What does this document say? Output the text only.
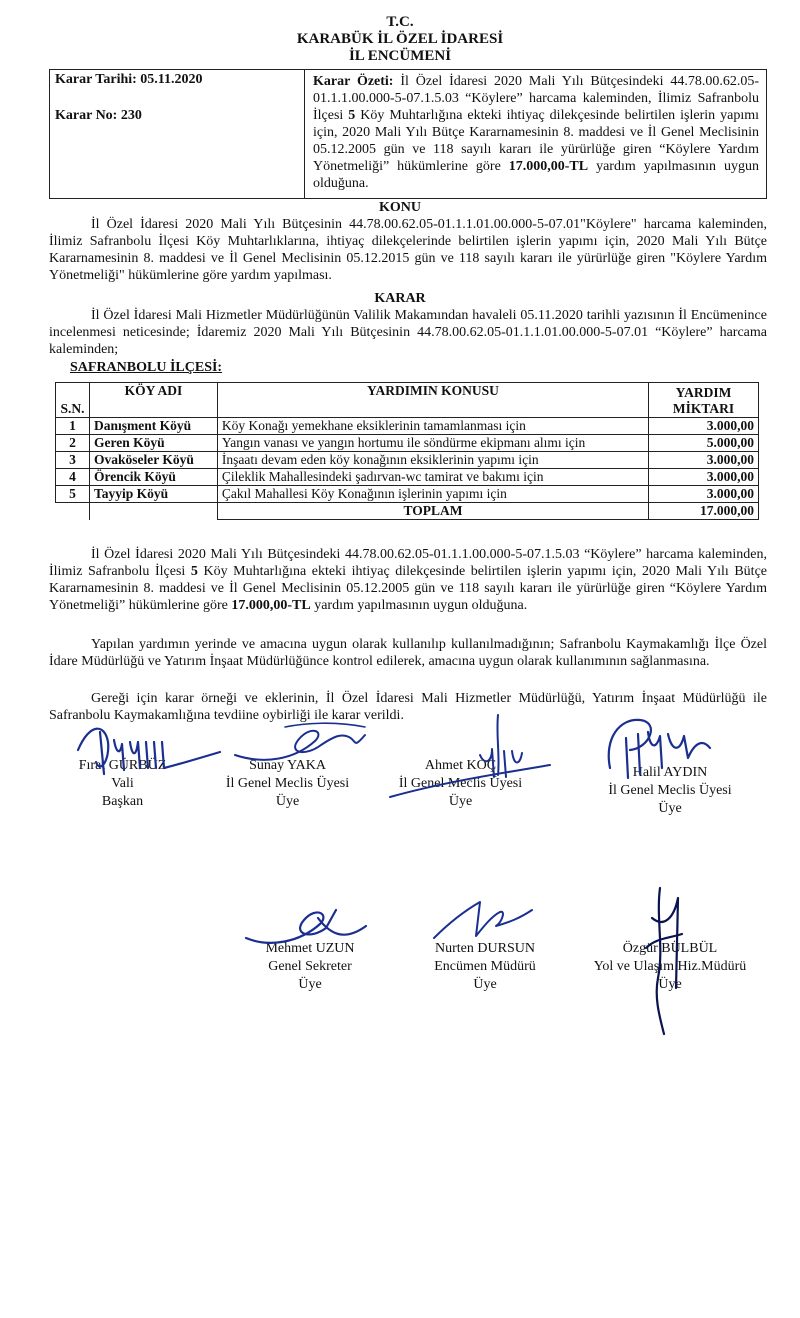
T.C.
KARABÜK İL ÖZEL İDARESİ
İL ENCÜMENİ
Karar Tarihi: 05.11.2020
Karar No: 230
Karar Özeti: İl Özel İdaresi 2020 Mali Yılı Bütçesindeki 44.78.00.62.05-01.1.1.00.000-5-07.1.5.03 “Köylere” harcama kaleminden, İlimiz Safranbolu İlçesi 5 Köy Muhtarlığına ekteki ihtiyaç dilekçesinde belirtilen işlerin yapımı için, 2020 Mali Yılı Bütçe Kararnamesinin 8. maddesi ve İl Genel Meclisinin 05.12.2005 gün ve 118 sayılı kararı ile yürürlüğe giren “Köylere Yardım Yönetmeliği” hükümlerine göre 17.000,00-TL yardım yapılmasının uygun olduğuna.
KONU
İl Özel İdaresi 2020 Mali Yılı Bütçesinin 44.78.00.62.05-01.1.1.01.00.000-5-07.01"Köylere" harcama kaleminden, İlimiz Safranbolu İlçesi Köy Muhtarlıklarına, ihtiyaç dilekçelerinde belirtilen işlerin yapımı için, 2020 Mali Yılı Bütçe Kararnamesinin 8. maddesi ve İl Genel Meclisinin 05.12.2015 gün ve 118 sayılı kararı ile yürürlüğe giren "Köylere Yardım Yönetmeliği" hükümlerine göre yardım yapılması.
KARAR
İl Özel İdaresi Mali Hizmetler Müdürlüğünün Valilik Makamından havaleli 05.11.2020 tarihli yazısının İl Encümenince incelenmesi neticesinde; İdaremiz 2020 Mali Yılı Bütçesinin 44.78.00.62.05-01.1.1.01.00.000-5-07.01 “Köylere” harcama kaleminden;
SAFRANBOLU İLÇESİ:
S.N.	KÖY ADI	YARDIMIN KONUSU	YARDIM
MİKTARI

1	Danışment Köyü	Köy Konağı yemekhane eksiklerinin tamamlanması için	3.000,00
2	Geren Köyü	Yangın vanası ve yangın hortumu ile söndürme ekipmanı alımı için	5.000,00
3	Ovaköseler Köyü	İnşaatı devam eden köy konağının eksiklerinin yapımı için	3.000,00
4	Örencik Köyü	Çileklik Mahallesindeki şadırvan-wc tamirat ve bakımı için	3.000,00
5	Tayyip Köyü	Çakıl Mahallesi Köy Konağının işlerinin yapımı için	3.000,00
		TOPLAM	17.000,00
İl Özel İdaresi 2020 Mali Yılı Bütçesindeki 44.78.00.62.05-01.1.1.00.000-5-07.1.5.03 “Köylere” harcama kaleminden, İlimiz Safranbolu İlçesi 5 Köy Muhtarlığına ekteki ihtiyaç dilekçesinde belirtilen işlerin yapımı için, 2020 Mali Yılı Bütçe Kararnamesinin 8. maddesi ve İl Genel Meclisinin 05.12.2005 gün ve 118 sayılı kararı ile yürürlüğe giren “Köylere Yardım Yönetmeliği” hükümlerine göre 17.000,00-TL yardım yapılmasının uygun olduğuna.
Yapılan yardımın yerinde ve amacına uygun olarak kullanılıp kullanılmadığının; Safranbolu Kaymakamlığı İlçe Özel İdare Müdürlüğü ve Yatırım İnşaat Müdürlüğünce kontrol edilerek, amacına uygun olarak kullanımının sağlanmasına.
Gereği için karar örneği ve eklerinin, İl Özel İdaresi Mali Hizmetler Müdürlüğü, Yatırım İnşaat Müdürlüğü ile Safranbolu Kaymakamlığına tevdiine oybirliği ile karar verildi.
Fırat GÜRBÜZ
Vali
Başkan
Sunay YAKA
İl Genel Meclis Üyesi
Üye
Ahmet KOÇ
İl Genel Meclis Üyesi
Üye
Halil AYDIN
İl Genel Meclis Üyesi
Üye
Mehmet UZUN
Genel Sekreter
Üye
Nurten DURSUN
Encümen Müdürü
Üye
Özgür BÜLBÜL
Yol ve Ulaşım Hiz.Müdürü
Üye
